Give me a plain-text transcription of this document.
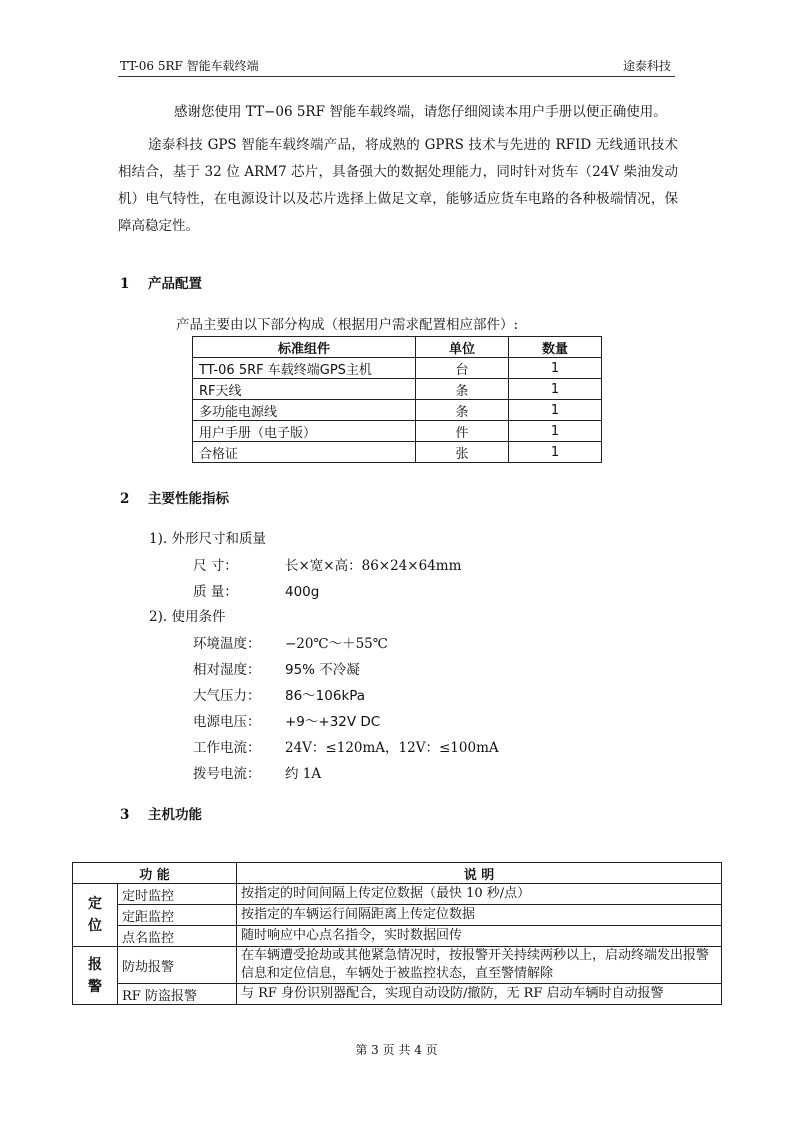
TT-06 5RF 智能车载终端	途泰科技
感谢您使用 TT−06 5RF 智能车载终端，请您仔细阅读本用户手册以便正确使用。
途泰科技 GPS 智能车载终端产品，将成熟的 GPRS 技术与先进的 RFID 无线通讯技术相结合，基于 32 位 ARM7 芯片，具备强大的数据处理能力，同时针对货车（24V 柴油发动机）电气特性，在电源设计以及芯片选择上做足文章，能够适应货车电路的各种极端情况，保障高稳定性。
1 产品配置
产品主要由以下部分构成（根据用户需求配置相应部件）:
标准组件	单位	数量
TT-06 5RF 车载终端GPS主机	台	1
RF天线	条	1
多功能电源线	条	1
用户手册（电子版）	件	1
合格证	张	1
2 主要性能指标
1). 外形尺寸和质量
尺 寸：	长×宽×高：86×24×64mm
质 量：	400g
2). 使用条件
环境温度： −20℃～＋55℃
相对湿度： 95% 不冷凝
大气压力： 86～106kPa
电源电压： +9～+32V DC
工作电流： 24V：≤120mA，12V：≤100mA
拨号电流： 约 1A
3 主机功能
功 能		说 明
定
位	定时监控	按指定的时间间隔上传定位数据（最快 10 秒/点）
	定距监控	按指定的车辆运行间隔距离上传定位数据
	点名监控	随时响应中心点名指令，实时数据回传
报
警	防劫报警	在车辆遭受抢劫或其他紧急情况时，按报警开关持续两秒以上，启动终端发出报警信息和定位信息，车辆处于被监控状态，直至警情解除
	RF 防盗报警	与 RF 身份识别器配合，实现自动设防/撤防，无 RF 启动车辆时自动报警
第 3 页 共 4 页
